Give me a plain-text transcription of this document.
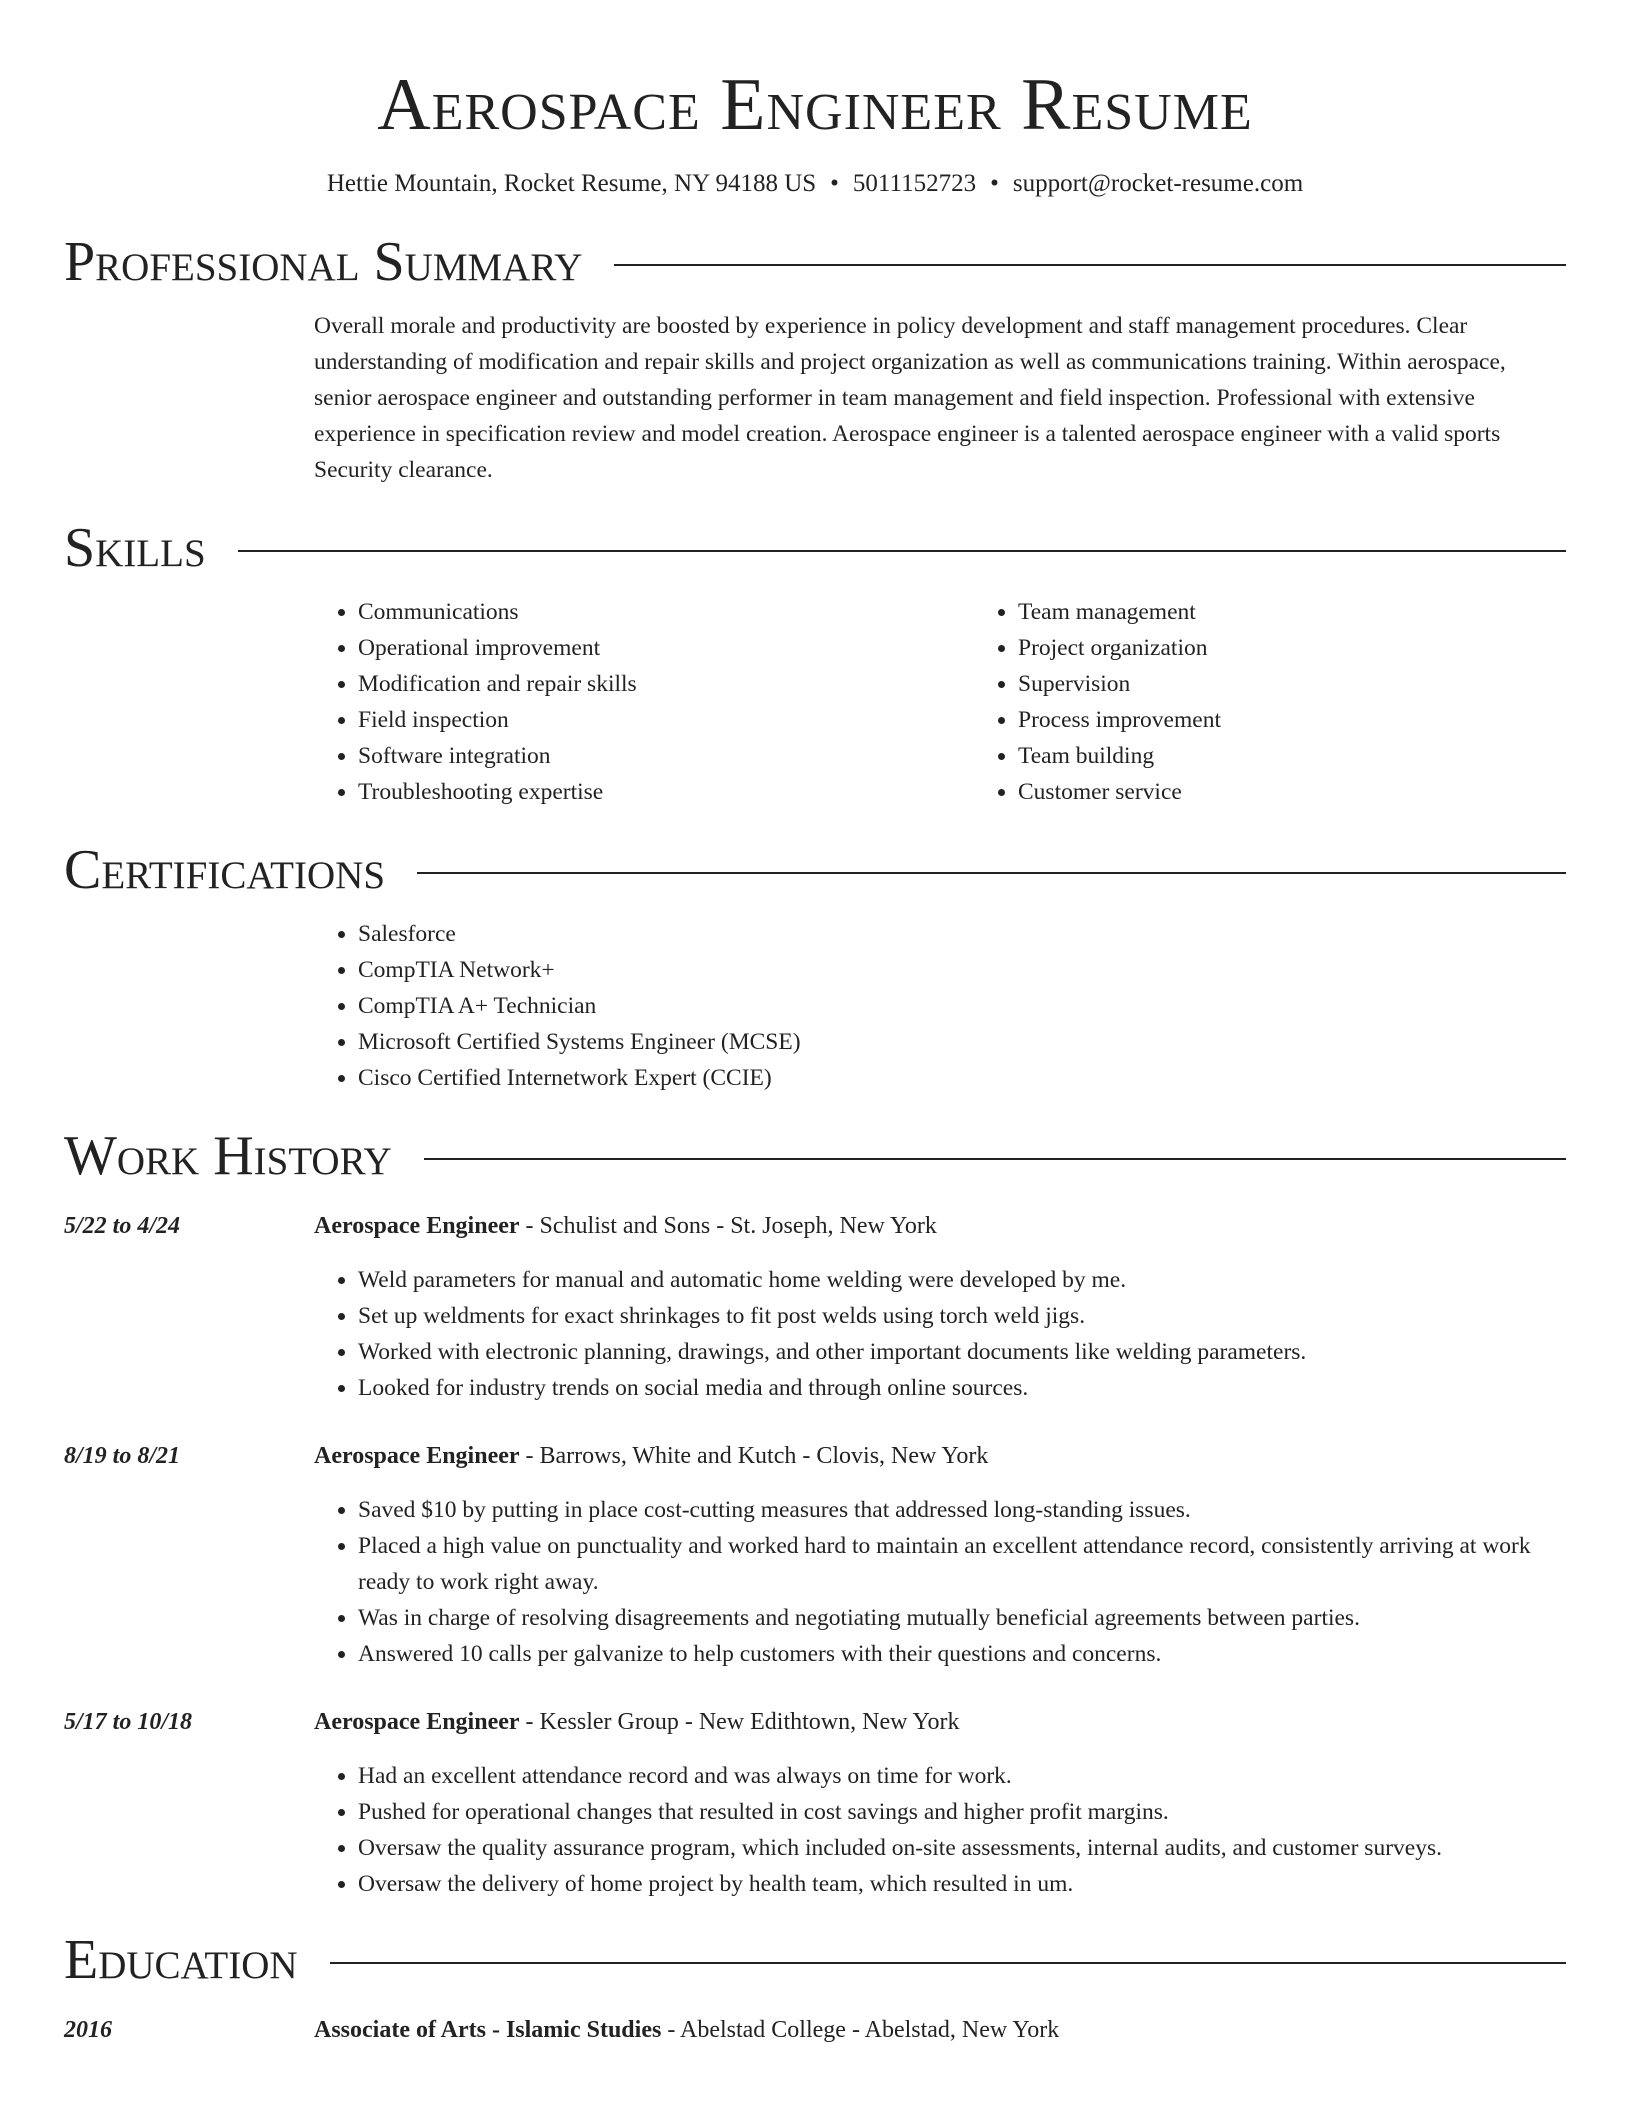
Aerospace Engineer Resume
Hettie Mountain, Rocket Resume, NY 94188 US • 5011152723 • support@rocket-resume.com
Professional Summary

Overall morale and productivity are boosted by experience in policy development and staff management procedures. Clear understanding of modification and repair skills and project organization as well as communications training. Within aerospace, senior aerospace engineer and outstanding performer in team management and field inspection. Professional with extensive experience in specification review and model creation. Aerospace engineer is a talented aerospace engineer with a valid sports Security clearance.

Skills
• Communications
• Operational improvement
• Modification and repair skills
• Field inspection
• Software integration
• Troubleshooting expertise
• Team management
• Project organization
• Supervision
• Process improvement
• Team building
• Customer service
Certifications
• Salesforce
• CompTIA Network+
• CompTIA A+ Technician
• Microsoft Certified Systems Engineer (MCSE)
• Cisco Certified Internetwork Expert (CCIE)
Work History
5/22 to 4/24	Aerospace Engineer - Schulist and Sons - St. Joseph, New York
• Weld parameters for manual and automatic home welding were developed by me.
• Set up weldments for exact shrinkages to fit post welds using torch weld jigs.
• Worked with electronic planning, drawings, and other important documents like welding parameters.
• Looked for industry trends on social media and through online sources.
8/19 to 8/21	Aerospace Engineer - Barrows, White and Kutch - Clovis, New York
• Saved $10 by putting in place cost-cutting measures that addressed long-standing issues.
• Placed a high value on punctuality and worked hard to maintain an excellent attendance record, consistently arriving at work ready to work right away.
• Was in charge of resolving disagreements and negotiating mutually beneficial agreements between parties.
• Answered 10 calls per galvanize to help customers with their questions and concerns.
5/17 to 10/18	Aerospace Engineer - Kessler Group - New Edithtown, New York
• Had an excellent attendance record and was always on time for work.
• Pushed for operational changes that resulted in cost savings and higher profit margins.
• Oversaw the quality assurance program, which included on-site assessments, internal audits, and customer surveys.
• Oversaw the delivery of home project by health team, which resulted in um.
Education
2016	Associate of Arts - Islamic Studies - Abelstad College - Abelstad, New York
